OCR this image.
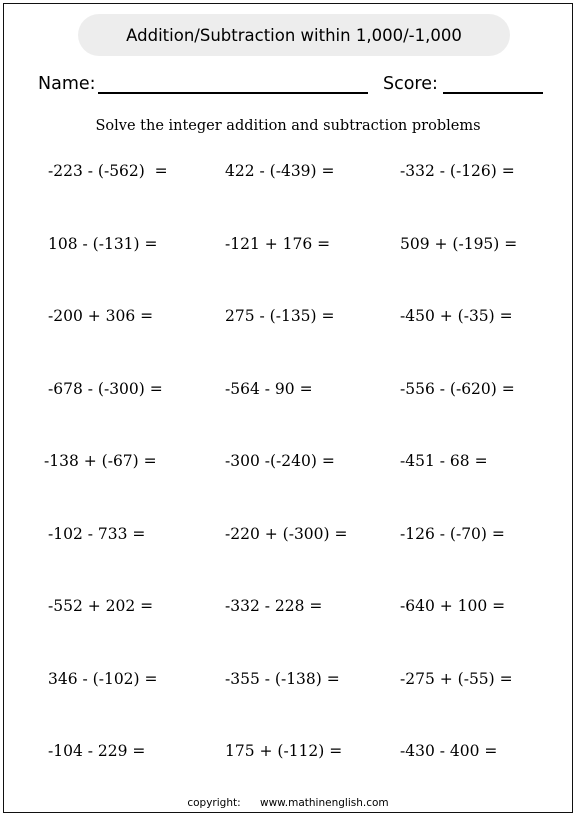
Addition/Subtraction within 1,000/-1,000
Name:	Score:
Solve the integer addition and subtraction problems
-223 - (-562)  =	422 - (-439) =	-332 - (-126) =
108 - (-131) =	-121 + 176 =	509 + (-195) =
-200 + 306 =	275 - (-135) =	-450 + (-35) =
-678 - (-300) =	-564 - 90 =	-556 - (-620) =
-138 + (-67) =	-300 -(-240) =	-451 - 68 =
-102 - 733 =	-220 + (-300) =	-126 - (-70) =
-552 + 202 =	-332 - 228 =	-640 + 100 =
346 - (-102) =	-355 - (-138) =	-275 + (-55) =
-104 - 229 =	175 + (-112) =	-430 - 400 =
copyright: www.mathinenglish.com
